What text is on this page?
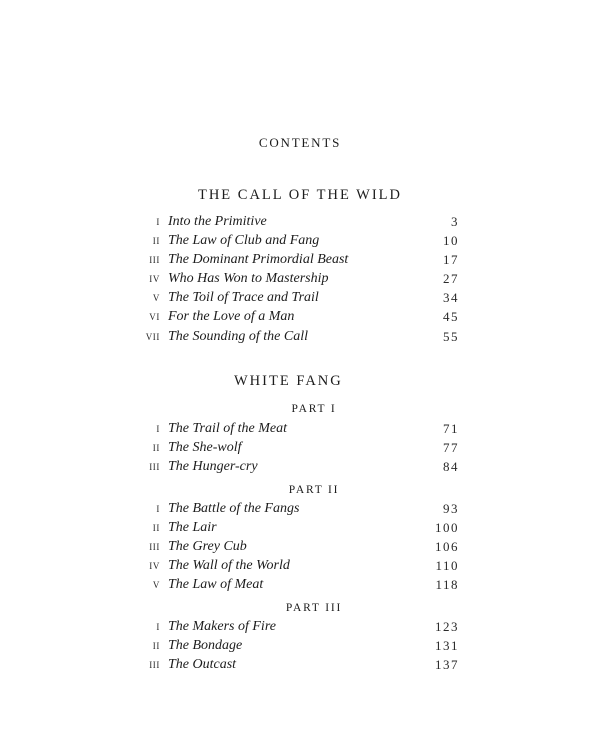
CONTENTS
THE CALL OF THE WILD
I Into the Primitive	3
II The Law of Club and Fang	10
III The Dominant Primordial Beast	17
IV Who Has Won to Mastership	27
V The Toil of Trace and Trail	34
VI For the Love of a Man	45
VII The Sounding of the Call	55
WHITE FANG
PART I
I The Trail of the Meat	71
II The She-wolf	77
III The Hunger-cry	84
PART II
I The Battle of the Fangs	93
II The Lair	100
III The Grey Cub	106
IV The Wall of the World	110
V The Law of Meat	118
PART III
I The Makers of Fire	123
II The Bondage	131
III The Outcast	137
